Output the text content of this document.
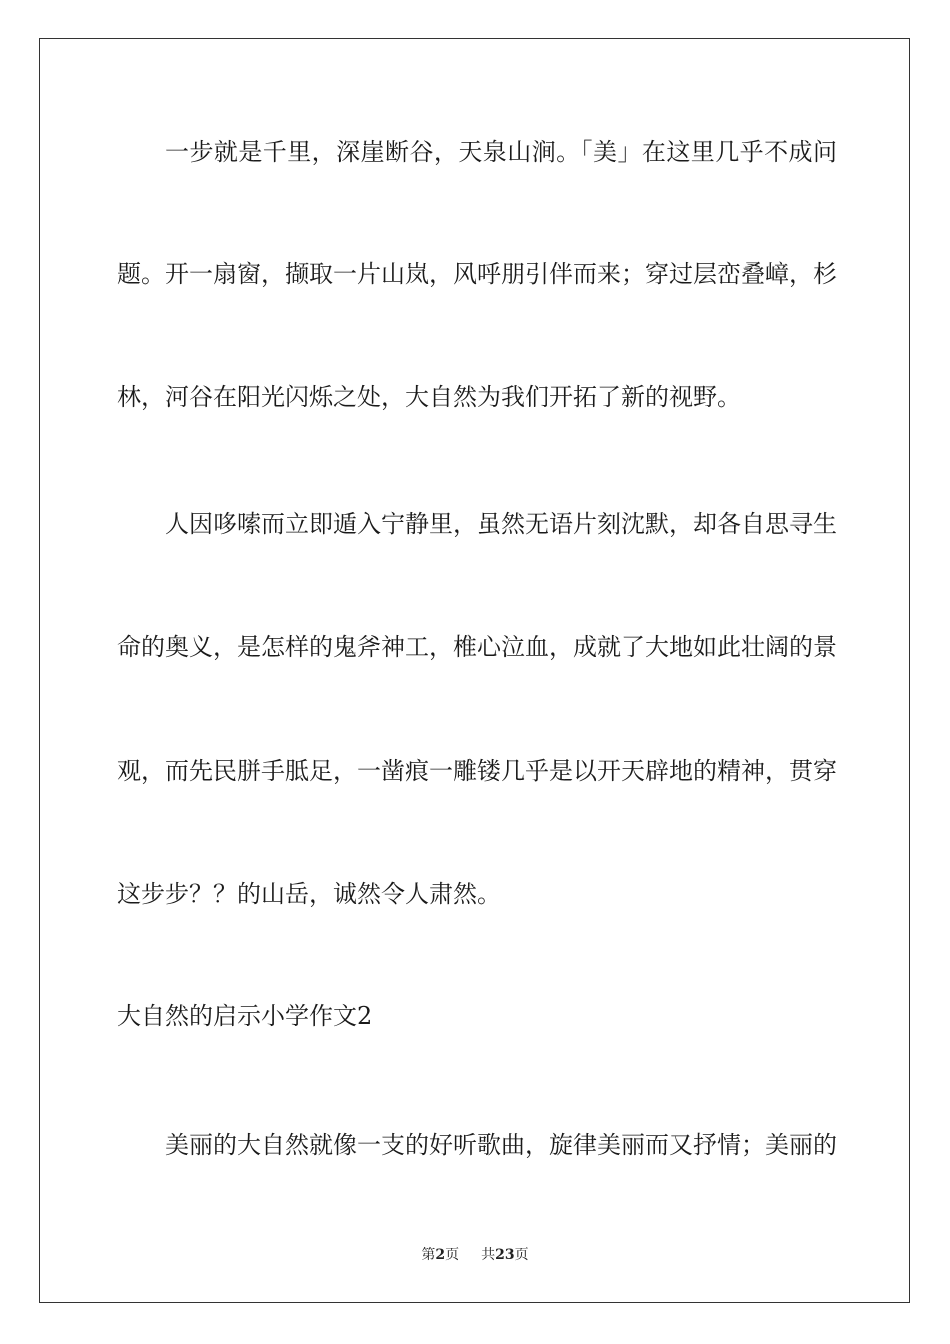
一步就是千里，深崖断谷，天泉山涧。「美」在这里几乎不成问
题。开一扇窗，撷取一片山岚，风呼朋引伴而来；穿过层峦叠嶂，杉
林，河谷在阳光闪烁之处，大自然为我们开拓了新的视野。
人因哆嗦而立即遁入宁静里，虽然无语片刻沈默，却各自思寻生
命的奥义，是怎样的鬼斧神工，椎心泣血，成就了大地如此壮阔的景
观，而先民胼手胝足，一凿痕一雕镂几乎是以开天辟地的精神，贯穿
这步步？？的山岳，诚然令人肃然。
大自然的启示小学作文2
美丽的大自然就像一支的好听歌曲，旋律美丽而又抒情；美丽的
第2页 共23页
